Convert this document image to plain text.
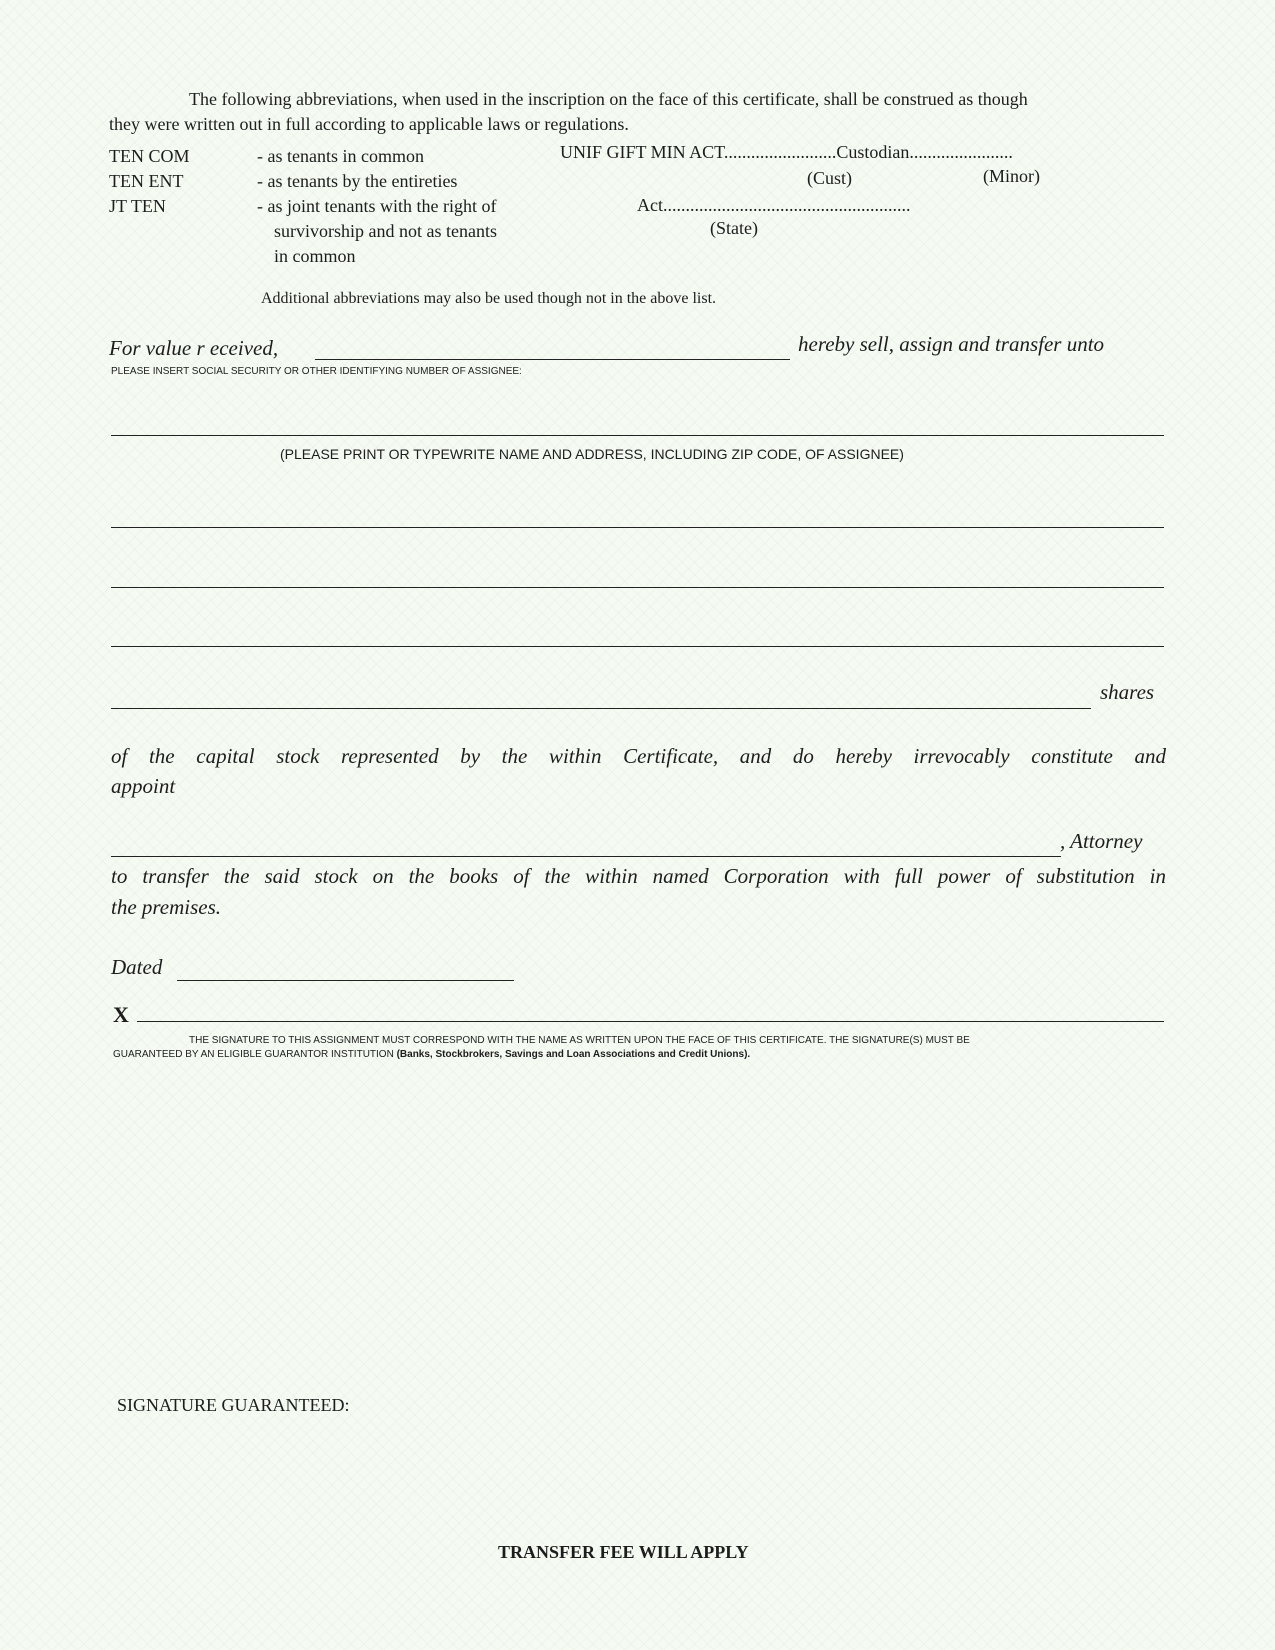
The following abbreviations, when used in the inscription on the face of this certificate, shall be construed as though
they were written out in full according to applicable laws or regulations.
TEN COM
TEN ENT
JT TEN
- as tenants in common
- as tenants by the entireties
- as joint tenants with the right of
survivorship and not as tenants
in common
UNIF GIFT MIN ACT.........................Custodian.......................
(Cust)	(Minor)
Act.......................................................
(State)
Additional abbreviations may also be used though not in the above list.
For value r eceived,	hereby sell, assign and transfer unto
PLEASE INSERT SOCIAL SECURITY OR OTHER IDENTIFYING NUMBER OF ASSIGNEE:
(PLEASE PRINT OR TYPEWRITE NAME AND ADDRESS, INCLUDING ZIP CODE, OF ASSIGNEE)
shares
of the capital stock represented by the within Certificate, and do hereby irrevocably constitute and
appoint
, Attorney
to transfer the said stock on the books of the within named Corporation with full power of substitution in
the premises.
Dated
X
THE SIGNATURE TO THIS ASSIGNMENT MUST CORRESPOND WITH THE NAME AS WRITTEN UPON THE FACE OF THIS CERTIFICATE. THE SIGNATURE(S) MUST BE
GUARANTEED BY AN ELIGIBLE GUARANTOR INSTITUTION (Banks, Stockbrokers, Savings and Loan Associations and Credit Unions).
SIGNATURE GUARANTEED:
TRANSFER FEE WILL APPLY
